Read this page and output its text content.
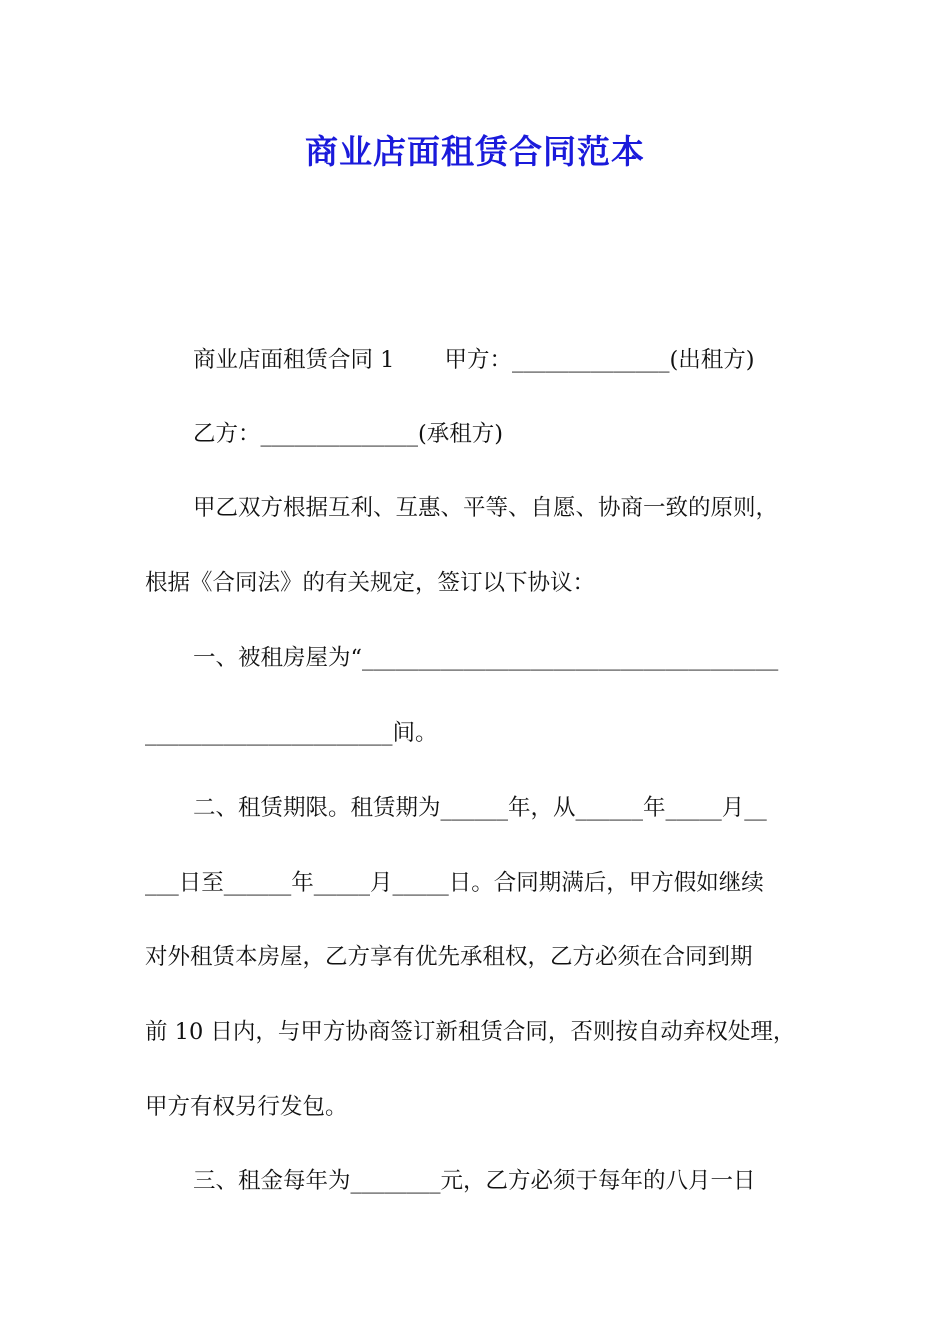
商业店面租赁合同范本
商业店面租赁合同 1 甲方：______________(出租方)
乙方：______________(承租方)
甲乙双方根据互利、互惠、平等、自愿、协商一致的原则，
根据《合同法》的有关规定，签订以下协议：
一、被租房屋为“_____________________________________
______________________间。
二、租赁期限。租赁期为______年，从______年_____月__
___日至______年_____月_____日。合同期满后，甲方假如继续
对外租赁本房屋，乙方享有优先承租权，乙方必须在合同到期
前 10 日内，与甲方协商签订新租赁合同，否则按自动弃权处理，
甲方有权另行发包。
三、租金每年为________元，乙方必须于每年的八月一日
